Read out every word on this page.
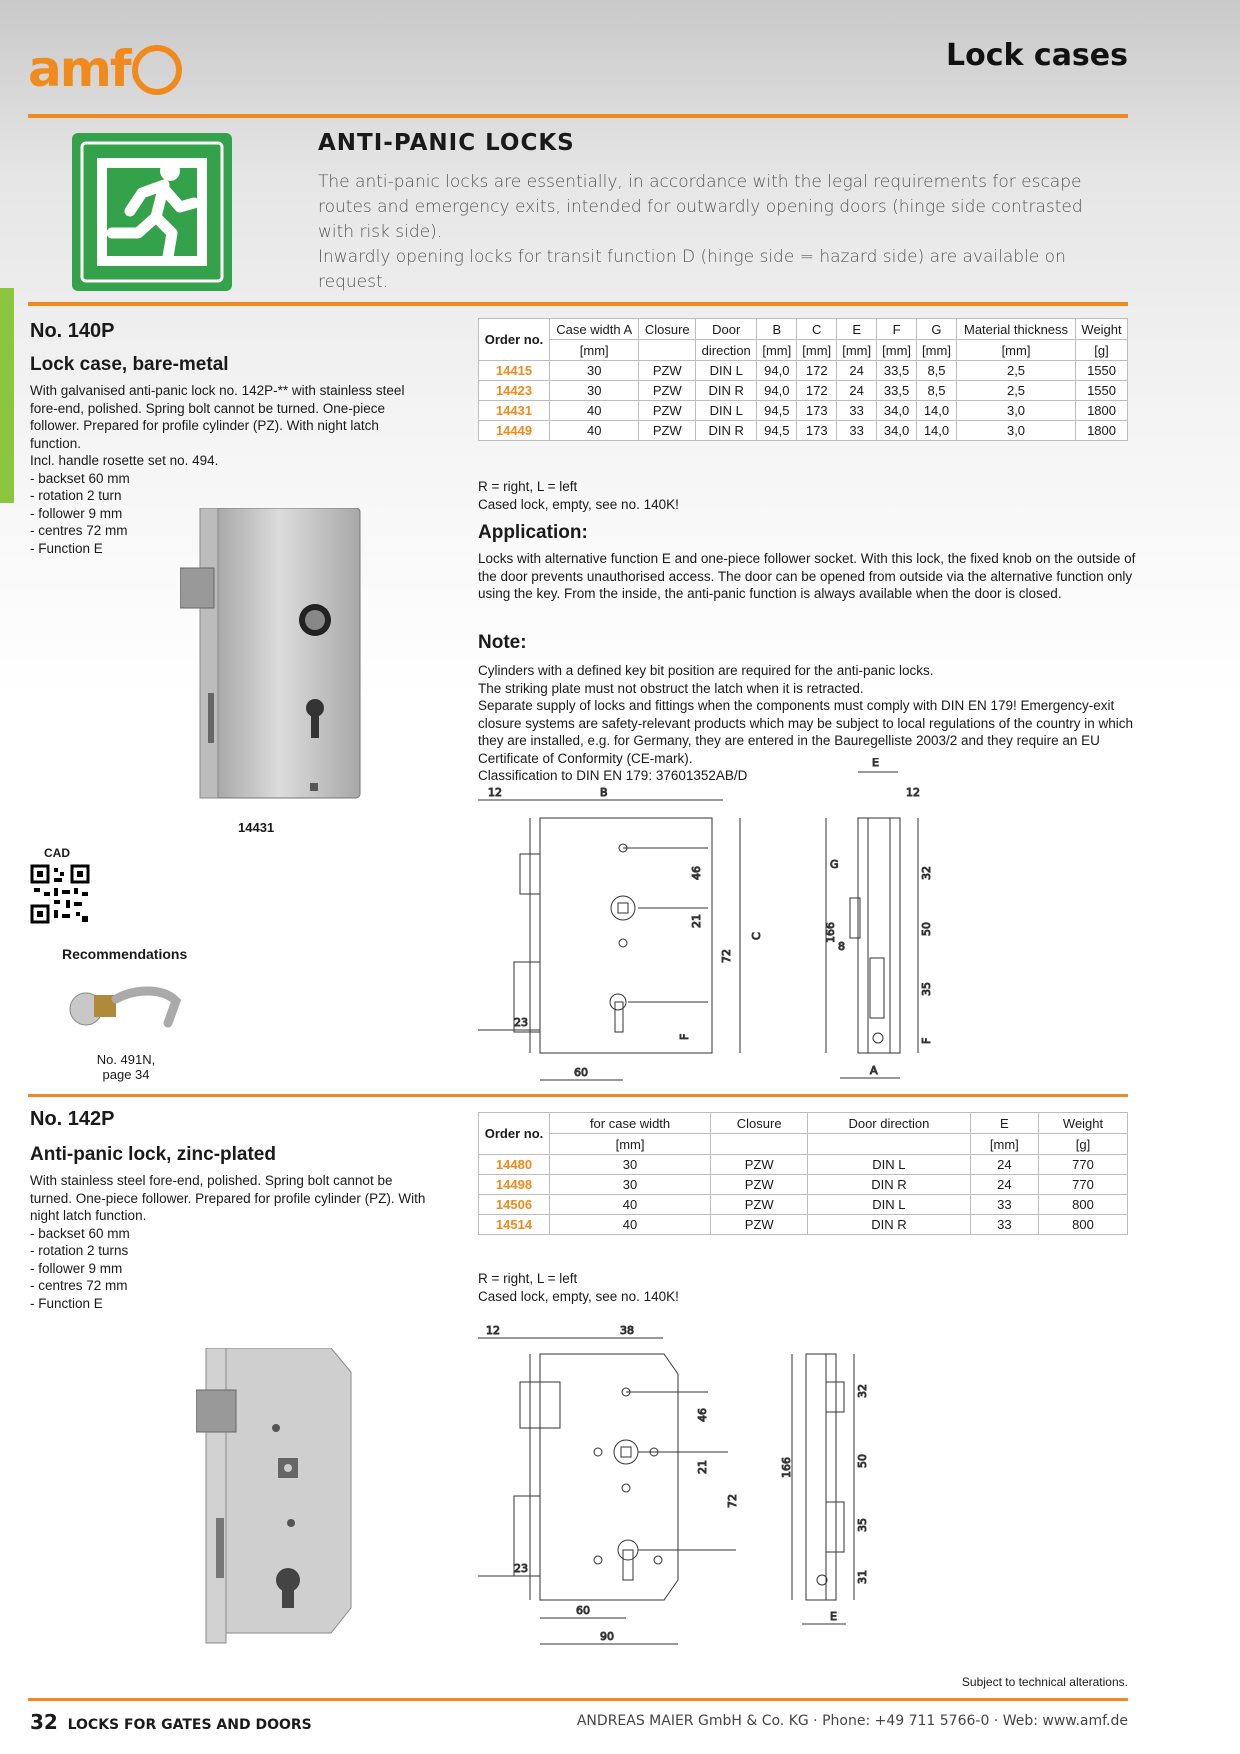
amf	Lock cases
ANTI-PANIC LOCKS

The anti-panic locks are essentially, in accordance with the legal requirements for escape routes and emergency exits, intended for outwardly opening doors (hinge side contrasted with risk side).

Inwardly opening locks for transit function D (hinge side = hazard side) are available on request.

No. 140P
Lock case, bare-metal

With galvanised anti-panic lock no. 142P-** with stainless steel fore-end, polished. Spring bolt cannot be turned. One-piece follower. Prepared for profile cylinder (PZ). With night latch function.

Incl. handle rosette set no. 494.

- backset 60 mm

- rotation 2 turn

- follower 9 mm

- centres 72 mm

- Function E

14431
CAD
Recommendations
No. 491N,
page 34
Order no.	Case width A	Closure	Door	B	C	E	F	G	Material thickness	Weight
	[mm]		direction	[mm]	[mm]	[mm]	[mm]	[mm]	[mm]	[g]
14415	30	PZW	DIN L	94,0	172	24	33,5	8,5	2,5	1550
14423	30	PZW	DIN R	94,0	172	24	33,5	8,5	2,5	1550
14431	40	PZW	DIN L	94,5	173	33	34,0	14,0	3,0	1800
14449	40	PZW	DIN R	94,5	173	33	34,0	14,0	3,0	1800

R = right, L = left

Cased lock, empty, see no. 140K!

Application:
Locks with alternative function E and one-piece follower socket. With this lock, the fixed knob on the outside of the door prevents unauthorised access. The door can be opened from outside via the alternative function only using the key. From the inside, the anti-panic function is always available when the door is closed.
Note:

Cylinders with a defined key bit position are required for the anti-panic locks.

The striking plate must not obstruct the latch when it is retracted.

Separate supply of locks and fittings when the components must comply with DIN EN 179! Emergency-exit closure systems are safety-relevant products which may be subject to local regulations of the country in which they are installed, e.g. for Germany, they are entered in the Bauregelliste 2003/2 and they require an EU Certificate of Conformity (CE-mark).

Classification to DIN EN 179: 37601352AB/D

12	B
46
21
72
C
F
23
60
E
12
G
166
32
50
8
35
F
A
No. 142P
Anti-panic lock, zinc-plated

With stainless steel fore-end, polished. Spring bolt cannot be turned. One-piece follower. Prepared for profile cylinder (PZ). With night latch function.

- backset 60 mm

- rotation 2 turns

- follower 9 mm

- centres 72 mm

- Function E

Order no.	for case width	Closure	Door direction	E	Weight
	[mm]			[mm]	[g]
14480	30	PZW	DIN L	24	770
14498	30	PZW	DIN R	24	770
14506	40	PZW	DIN L	33	800
14514	40	PZW	DIN R	33	800

R = right, L = left

Cased lock, empty, see no. 140K!

12	38
46
21
72
23
60
90
166
32
50
35
31
E
Subject to technical alterations.
32 LOCKS FOR GATES AND DOORS	ANDREAS MAIER GmbH & Co. KG · Phone: +49 711 5766-0 · Web: www.amf.de
